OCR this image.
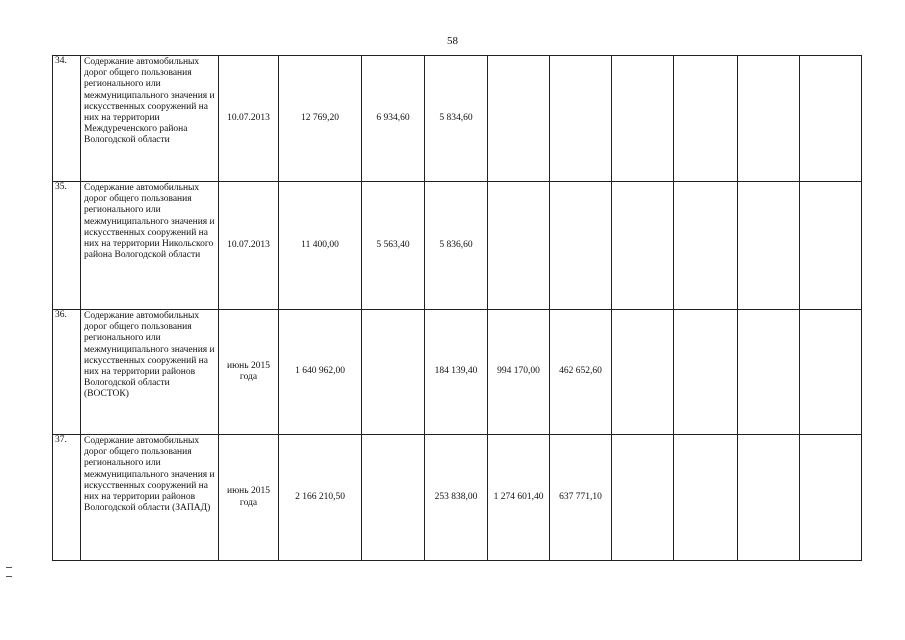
58
34.	Содержание автомобильных дорог общего пользования регионального или межмуниципального значения и искусственных сооружений на них на территории Междуреченского района Вологодской области	10.07.2013	12 769,20	6 934,60	5 834,60						
35.	Содержание автомобильных дорог общего пользования регионального или межмуниципального значения и искусственных сооружений на них на территории Никольского района Вологодской области	10.07.2013	11 400,00	5 563,40	5 836,60						
36.	Содержание автомобильных дорог общего пользования регионального или межмуниципального значения и искусственных сооружений на них на территории районов Вологодской области (ВОСТОК)	июнь 2015 года	1 640 962,00		184 139,40	994 170,00	462 652,60				
37.	Содержание автомобильных дорог общего пользования регионального или межмуниципального значения и искусственных сооружений на них на территории районов Вологодской области (ЗАПАД)	июнь 2015 года	2 166 210,50		253 838,00	1 274 601,40	637 771,10				
